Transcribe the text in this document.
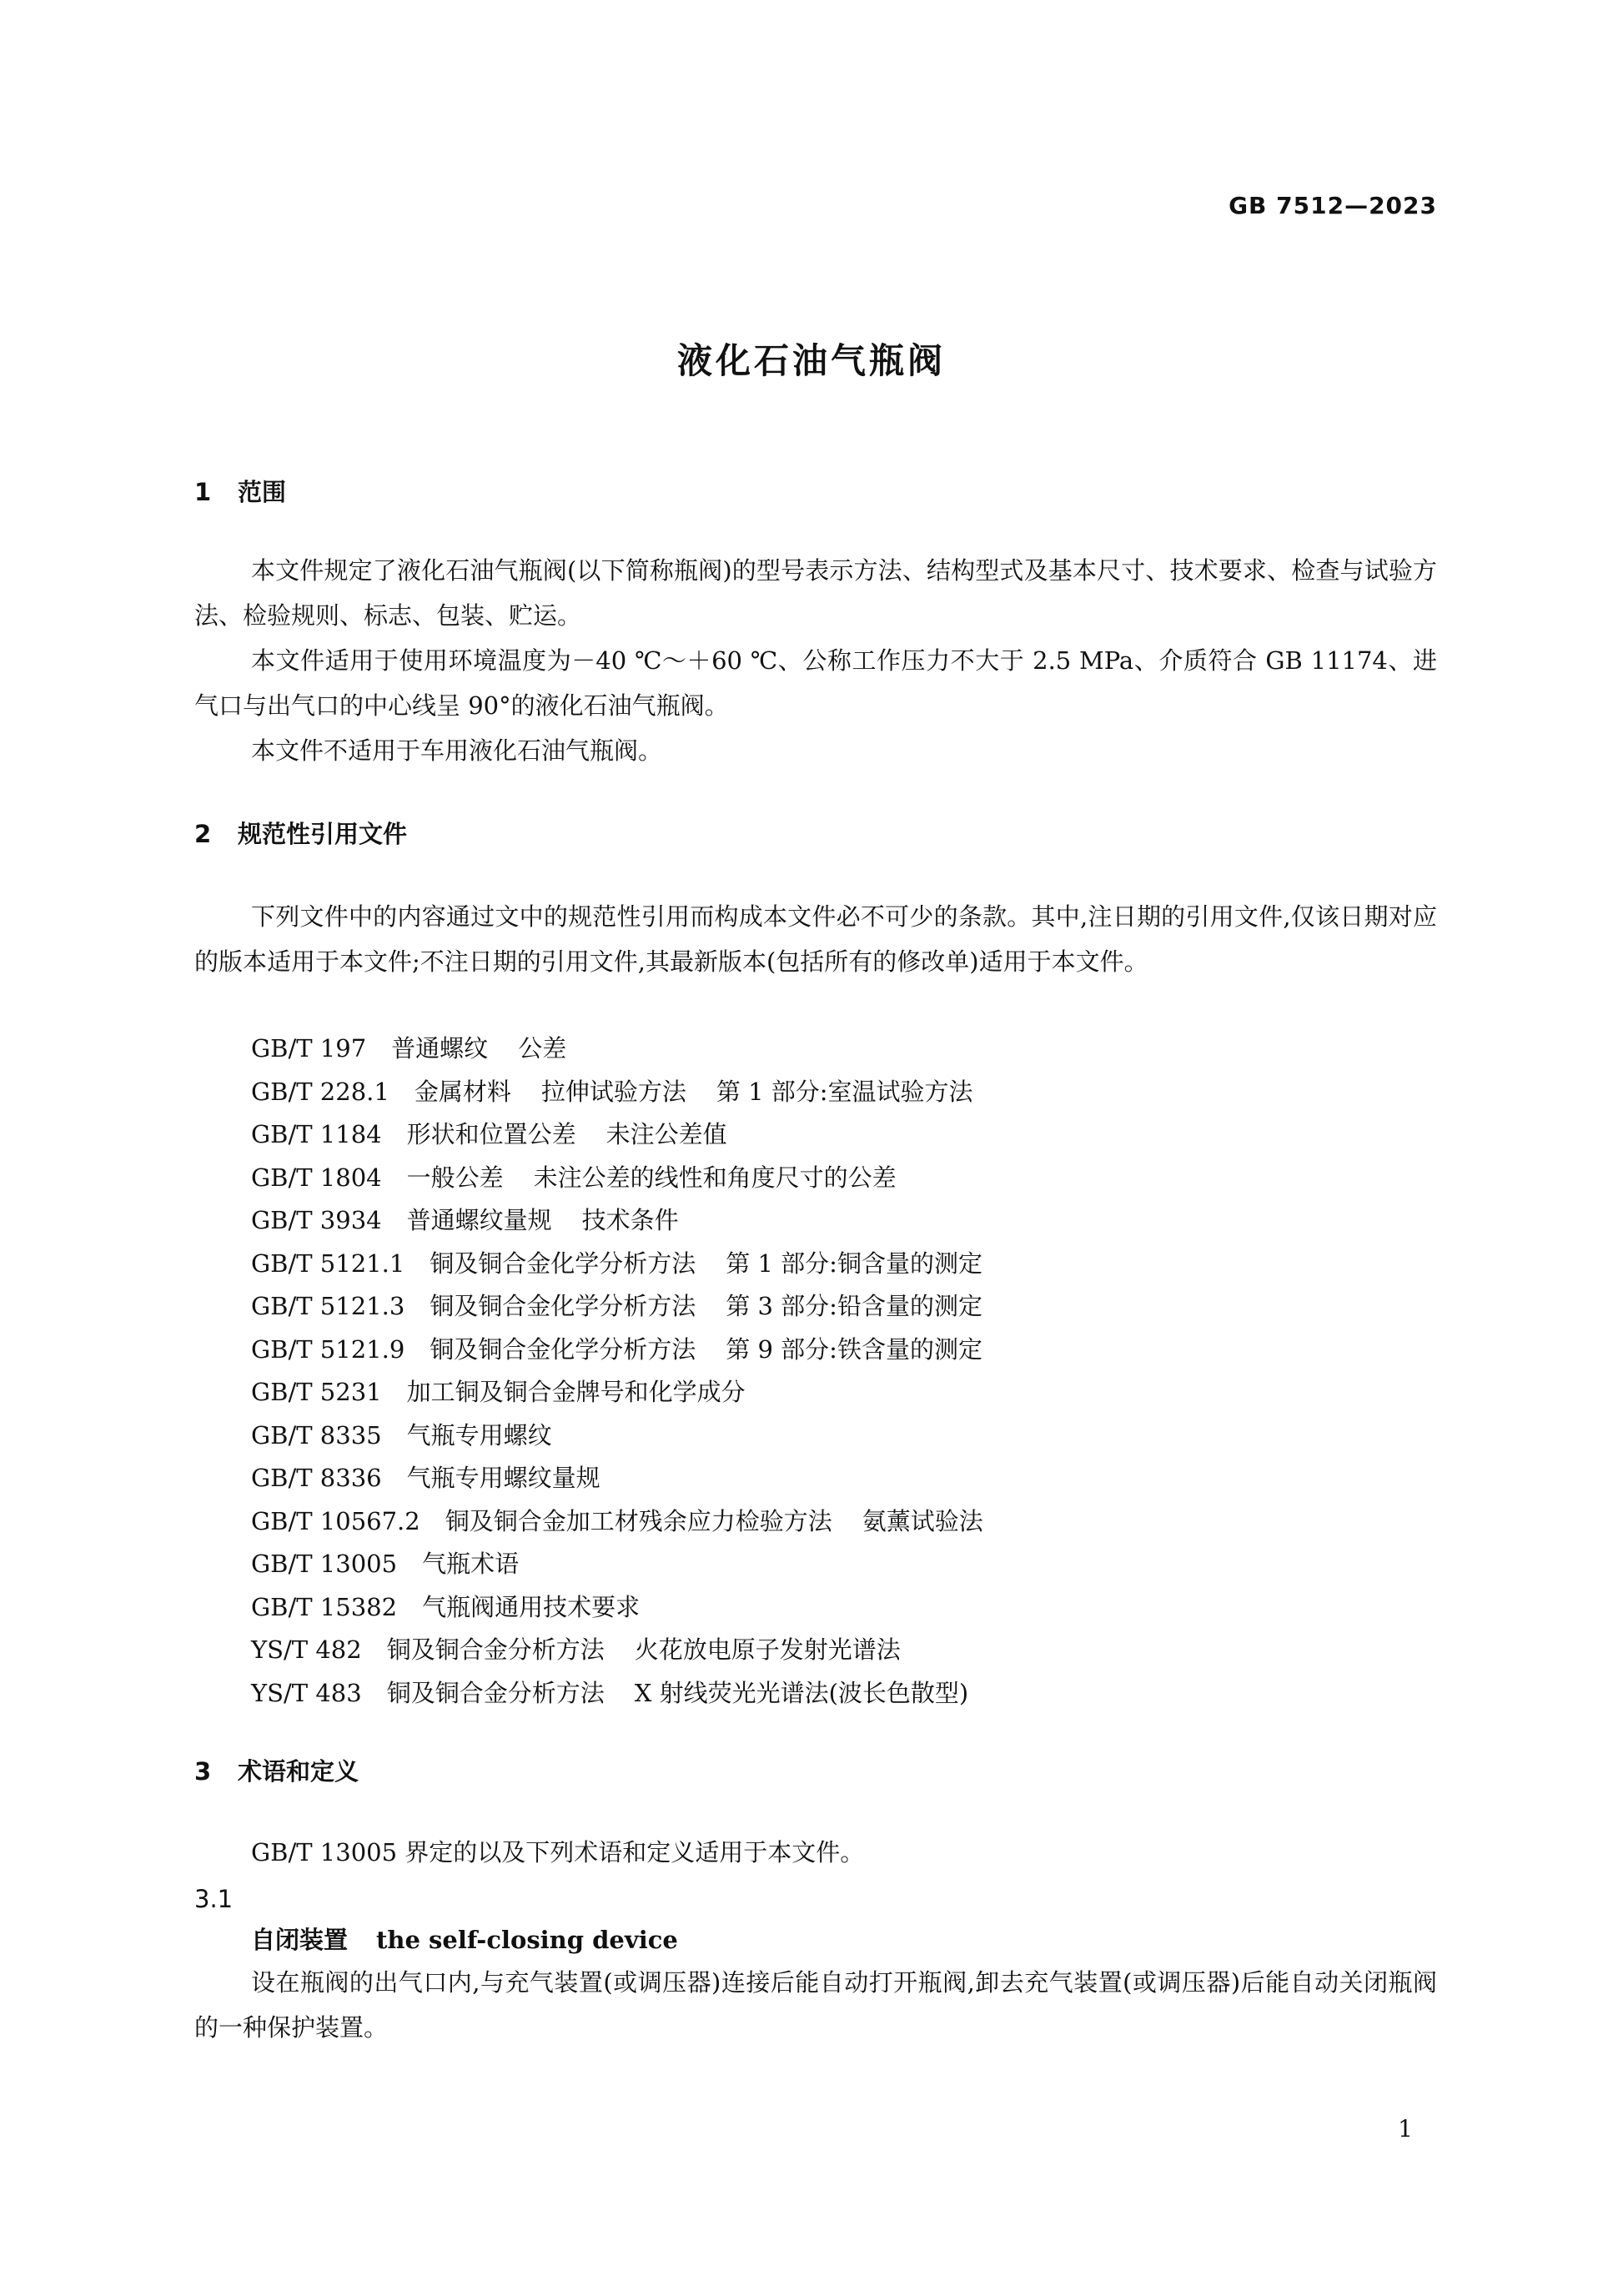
GB 7512—2023
液化石油气瓶阀
1 范围
本文件规定了液化石油气瓶阀(以下简称瓶阀)的型号表示方法、结构型式及基本尺寸、技术要求、检查与试验方法、检验规则、标志、包装、贮运。
本文件适用于使用环境温度为－40 ℃～＋60 ℃、公称工作压力不大于 2.5 MPa、介质符合 GB 11174、进气口与出气口的中心线呈 90°的液化石油气瓶阀。
本文件不适用于车用液化石油气瓶阀。
2 规范性引用文件
下列文件中的内容通过文中的规范性引用而构成本文件必不可少的条款。其中,注日期的引用文件,仅该日期对应的版本适用于本文件;不注日期的引用文件,其最新版本(包括所有的修改单)适用于本文件。
GB/T 197 普通螺纹 公差
GB/T 228.1 金属材料 拉伸试验方法 第 1 部分:室温试验方法
GB/T 1184 形状和位置公差 未注公差值
GB/T 1804 一般公差 未注公差的线性和角度尺寸的公差
GB/T 3934 普通螺纹量规 技术条件
GB/T 5121.1 铜及铜合金化学分析方法 第 1 部分:铜含量的测定
GB/T 5121.3 铜及铜合金化学分析方法 第 3 部分:铅含量的测定
GB/T 5121.9 铜及铜合金化学分析方法 第 9 部分:铁含量的测定
GB/T 5231 加工铜及铜合金牌号和化学成分
GB/T 8335 气瓶专用螺纹
GB/T 8336 气瓶专用螺纹量规
GB/T 10567.2 铜及铜合金加工材残余应力检验方法 氨薰试验法
GB/T 13005 气瓶术语
GB/T 15382 气瓶阀通用技术要求
YS/T 482 铜及铜合金分析方法 火花放电原子发射光谱法
YS/T 483 铜及铜合金分析方法 X 射线荧光光谱法(波长色散型)
3 术语和定义
GB/T 13005 界定的以及下列术语和定义适用于本文件。
3.1
自闭装置 the self-closing device
设在瓶阀的出气口内,与充气装置(或调压器)连接后能自动打开瓶阀,卸去充气装置(或调压器)后能自动关闭瓶阀的一种保护装置。
1
